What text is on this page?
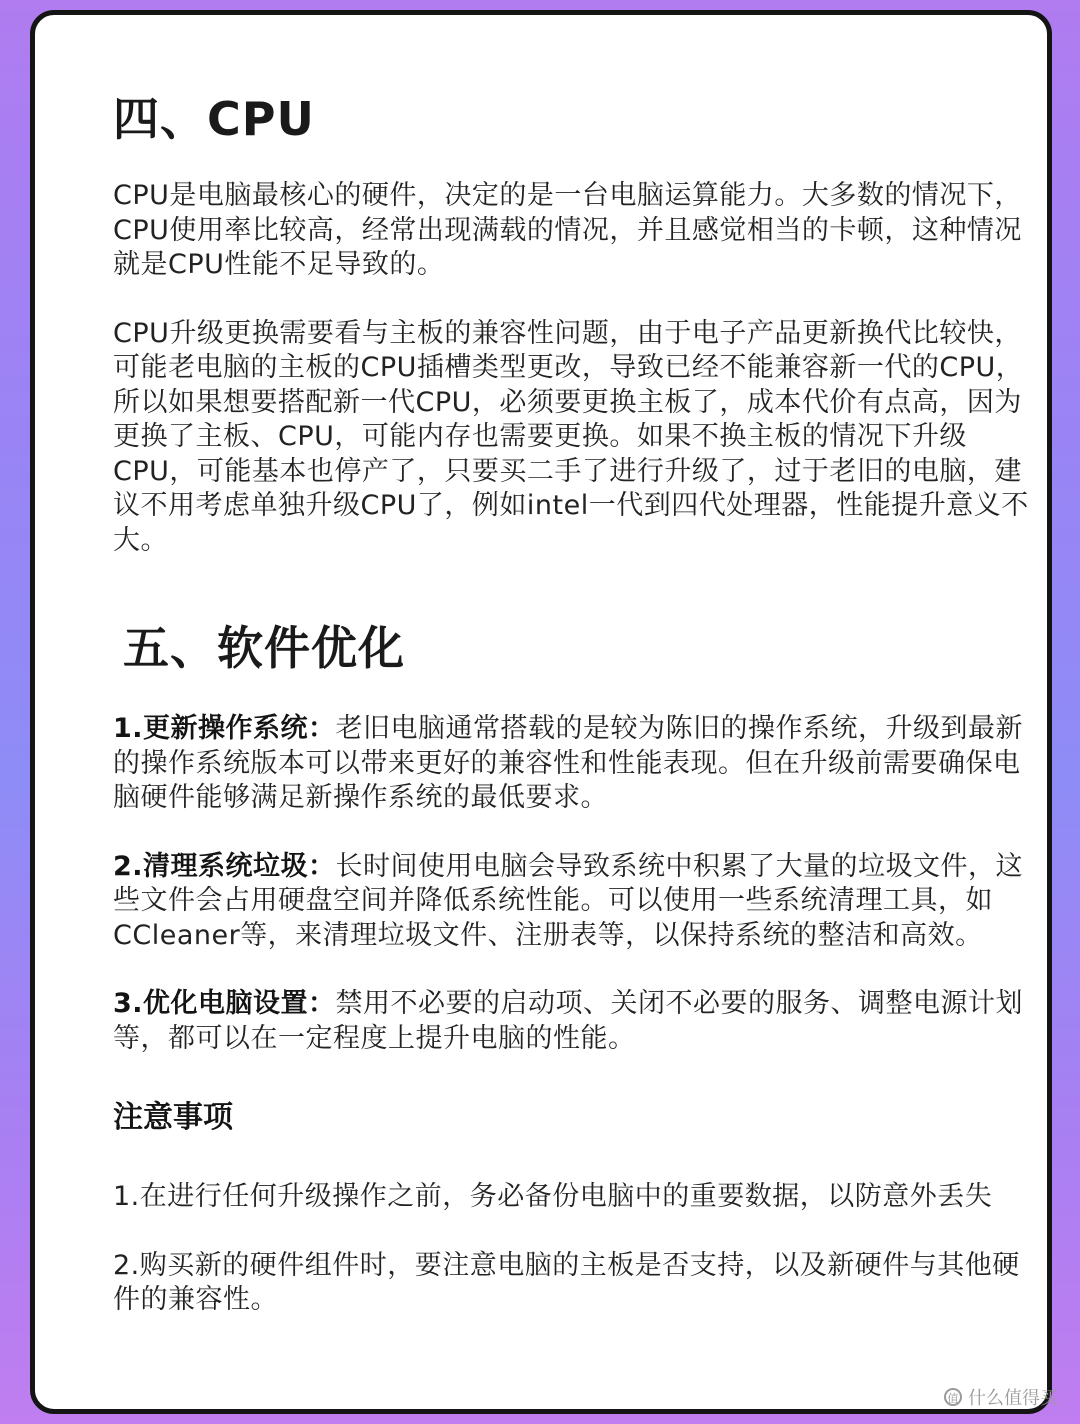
四、CPU

CPU是电脑最核心的硬件，决定的是一台电脑运算能力。大多数的情况下，CPU使用率比较高，经常出现满载的情况，并且感觉相当的卡顿，这种情况就是CPU性能不足导致的。

CPU升级更换需要看与主板的兼容性问题，由于电子产品更新换代比较快，可能老电脑的主板的CPU插槽类型更改，导致已经不能兼容新一代的CPU，所以如果想要搭配新一代CPU，必须要更换主板了，成本代价有点高，因为更换了主板、CPU，可能内存也需要更换。如果不换主板的情况下升级CPU，可能基本也停产了，只要买二手了进行升级了，过于老旧的电脑，建议不用考虑单独升级CPU了，例如intel一代到四代处理器，性能提升意义不大。

五、软件优化

1.更新操作系统：老旧电脑通常搭载的是较为陈旧的操作系统，升级到最新的操作系统版本可以带来更好的兼容性和性能表现。但在升级前需要确保电脑硬件能够满足新操作系统的最低要求。

2.清理系统垃圾：长时间使用电脑会导致系统中积累了大量的垃圾文件，这些文件会占用硬盘空间并降低系统性能。可以使用一些系统清理工具，如CCleaner等，来清理垃圾文件、注册表等，以保持系统的整洁和高效。

3.优化电脑设置：禁用不必要的启动项、关闭不必要的服务、调整电源计划等，都可以在一定程度上提升电脑的性能。

注意事项

1.在进行任何升级操作之前，务必备份电脑中的重要数据，以防意外丢失

2.购买新的硬件组件时，要注意电脑的主板是否支持，以及新硬件与其他硬件的兼容性。

值 什么值得买
